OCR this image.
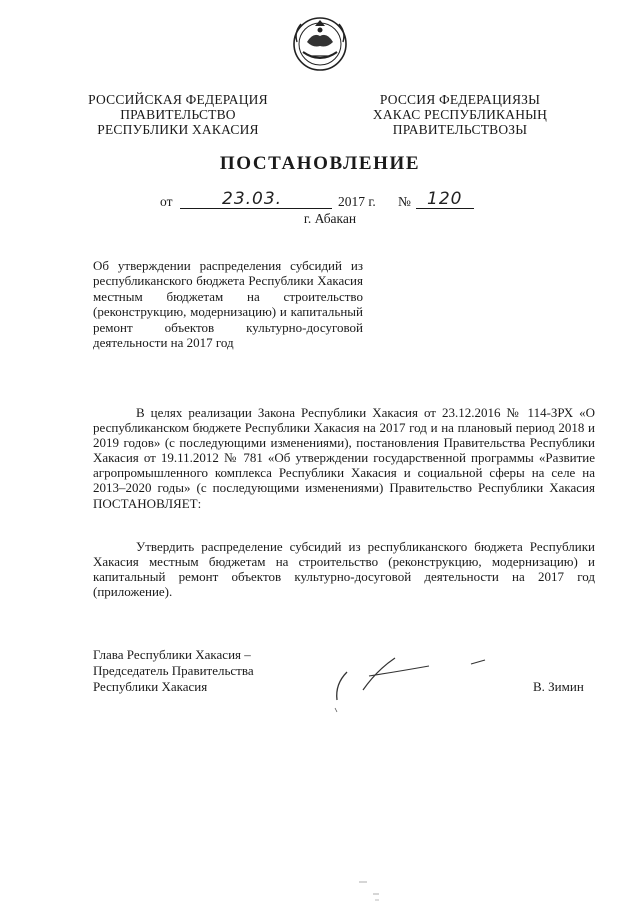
РОССИЙСКАЯ ФЕДЕРАЦИЯ
ПРАВИТЕЛЬСТВО
РЕСПУБЛИКИ ХАКАСИЯ
РОССИЯ ФЕДЕРАЦИЯЗЫ
ХАКАС РЕСПУБЛИКАНЫҢ
ПРАВИТЕЛЬСТВОЗЫ
ПОСТАНОВЛЕНИЕ
от	23.03.	2017 г. № 120
г. Абакан
Об утверждении распределения субсидий из республиканского бюджета Республики Хакасия местным бюджетам на строительство (реконструкцию, модернизацию) и капитальный ремонт объектов культурно-досуговой деятельности на 2017 год
В целях реализации Закона Республики Хакасия от 23.12.2016 № 114-ЗРХ «О республиканском бюджете Республики Хакасия на 2017 год и на плановый период 2018 и 2019 годов» (с последующими изменениями), постановления Правительства Республики Хакасия от 19.11.2012 № 781 «Об утверждении государственной программы «Развитие агропромышленного комплекса Республики Хакасия и социальной сферы на селе на 2013–2020 годы» (с последующими изменениями) Правительство Республики Хакасия ПОСТАНОВЛЯЕТ:
Утвердить распределение субсидий из республиканского бюджета Республики Хакасия местным бюджетам на строительство (реконструкцию, модернизацию) и капитальный ремонт объектов культурно-досуговой деятельности на 2017 год (приложение).
Глава Республики Хакасия –
Председатель Правительства
Республики Хакасия	В. Зимин
